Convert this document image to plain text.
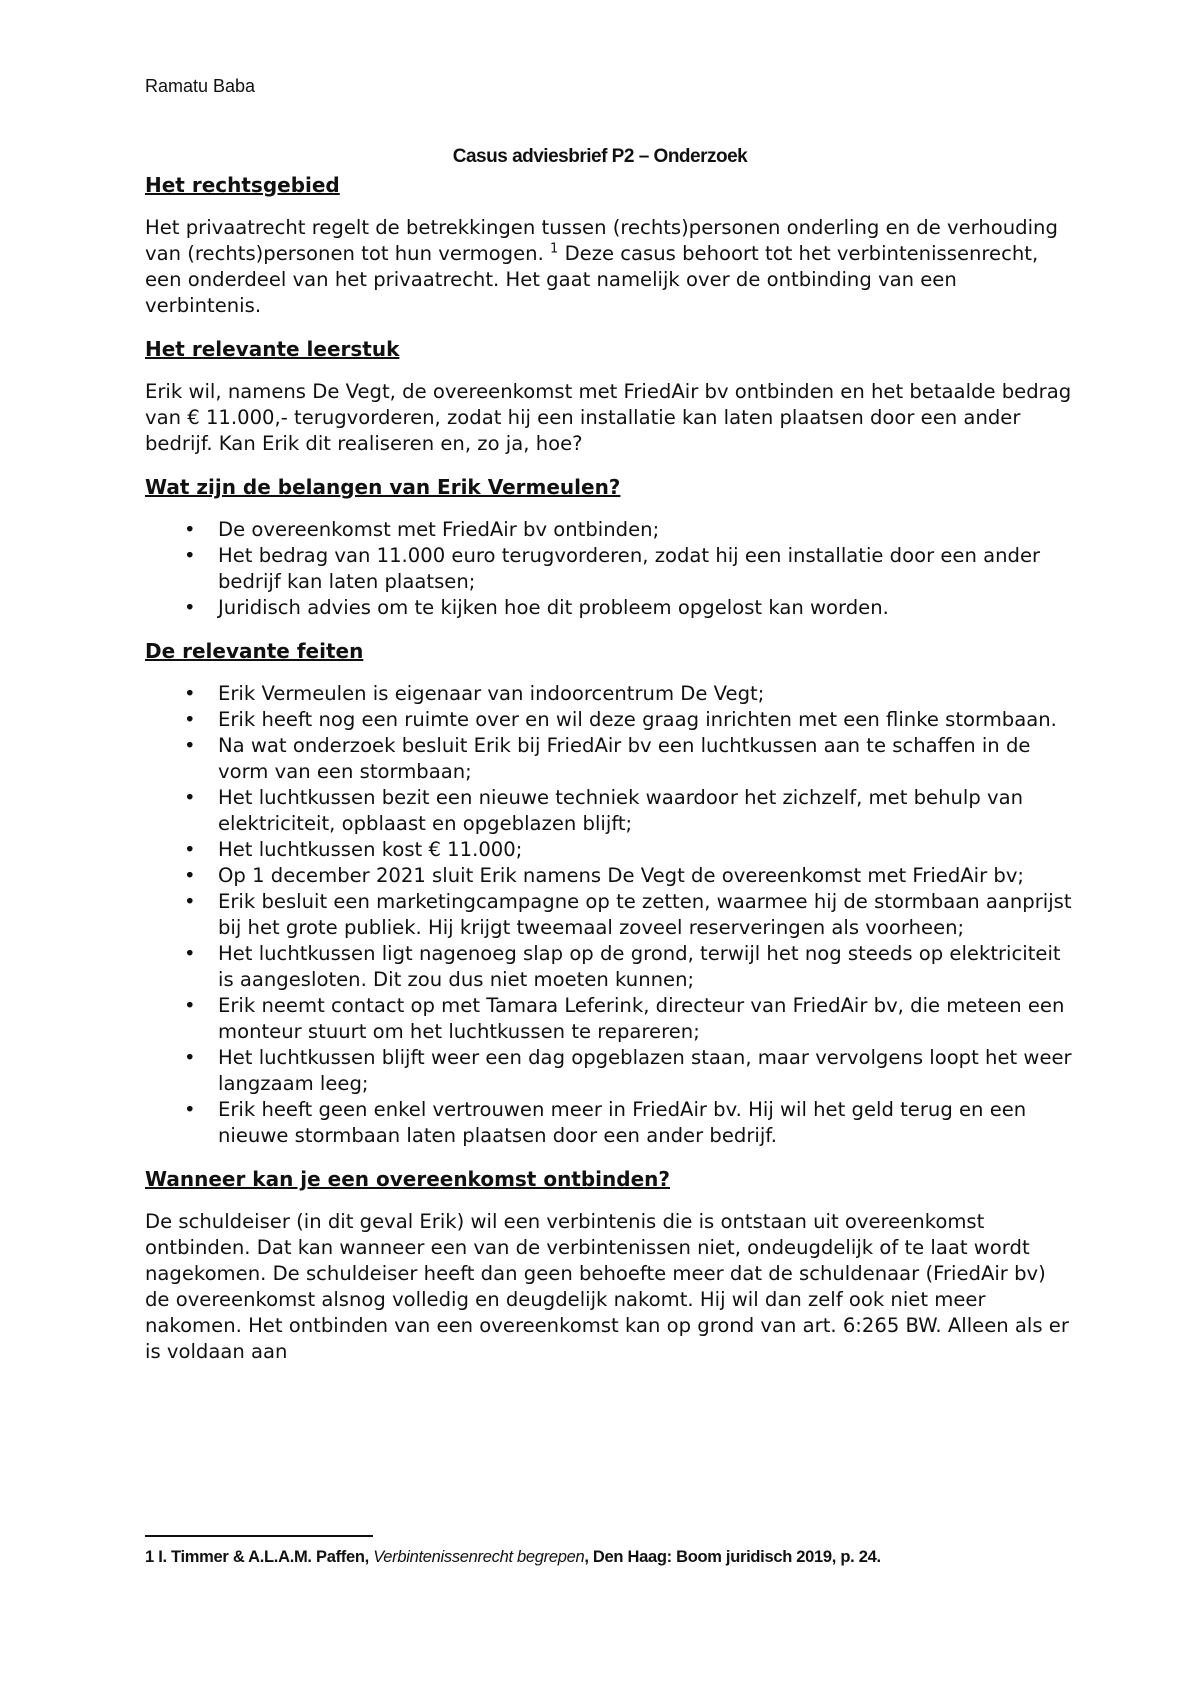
Ramatu Baba
Casus adviesbrief P2 – Onderzoek
Het rechtsgebied

Het privaatrecht regelt de betrekkingen tussen (rechts)personen onderling en de verhouding van (rechts)personen tot hun vermogen. $^1$ Deze casus behoort tot het verbintenissenrecht, een onderdeel van het privaatrecht. Het gaat namelijk over de ontbinding van een verbintenis.

Het relevante leerstuk

Erik wil, namens De Vegt, de overeenkomst met FriedAir bv ontbinden en het betaalde bedrag van € 11.000,- terugvorderen, zodat hij een installatie kan laten plaatsen door een ander bedrijf. Kan Erik dit realiseren en, zo ja, hoe?

Wat zijn de belangen van Erik Vermeulen?
• De overeenkomst met FriedAir bv ontbinden;
• Het bedrag van 11.000 euro terugvorderen, zodat hij een installatie door een ander bedrijf kan laten plaatsen;
• Juridisch advies om te kijken hoe dit probleem opgelost kan worden.
De relevante feiten
• Erik Vermeulen is eigenaar van indoorcentrum De Vegt;
• Erik heeft nog een ruimte over en wil deze graag inrichten met een flinke stormbaan.
• Na wat onderzoek besluit Erik bij FriedAir bv een luchtkussen aan te schaffen in de vorm van een stormbaan;
• Het luchtkussen bezit een nieuwe techniek waardoor het zichzelf, met behulp van elektriciteit, opblaast en opgeblazen blijft;
• Het luchtkussen kost € 11.000;
• Op 1 december 2021 sluit Erik namens De Vegt de overeenkomst met FriedAir bv;
• Erik besluit een marketingcampagne op te zetten, waarmee hij de stormbaan aanprijst bij het grote publiek. Hij krijgt tweemaal zoveel reserveringen als voorheen;
• Het luchtkussen ligt nagenoeg slap op de grond, terwijl het nog steeds op elektriciteit is aangesloten. Dit zou dus niet moeten kunnen;
• Erik neemt contact op met Tamara Leferink, directeur van FriedAir bv, die meteen een monteur stuurt om het luchtkussen te repareren;
• Het luchtkussen blijft weer een dag opgeblazen staan, maar vervolgens loopt het weer langzaam leeg;
• Erik heeft geen enkel vertrouwen meer in FriedAir bv. Hij wil het geld terug en een nieuwe stormbaan laten plaatsen door een ander bedrijf.
Wanneer kan je een overeenkomst ontbinden?

De schuldeiser (in dit geval Erik) wil een verbintenis die is ontstaan uit overeenkomst ontbinden. Dat kan wanneer een van de verbintenissen niet, ondeugdelijk of te laat wordt nagekomen. De schuldeiser heeft dan geen behoefte meer dat de schuldenaar (FriedAir bv) de overeenkomst alsnog volledig en deugdelijk nakomt. Hij wil dan zelf ook niet meer nakomen. Het ontbinden van een overeenkomst kan op grond van art. 6:265 BW. Alleen als er is voldaan aan

1 I. Timmer & A.L.A.M. Paffen, Verbintenissenrecht begrepen, Den Haag: Boom juridisch 2019, p. 24.
